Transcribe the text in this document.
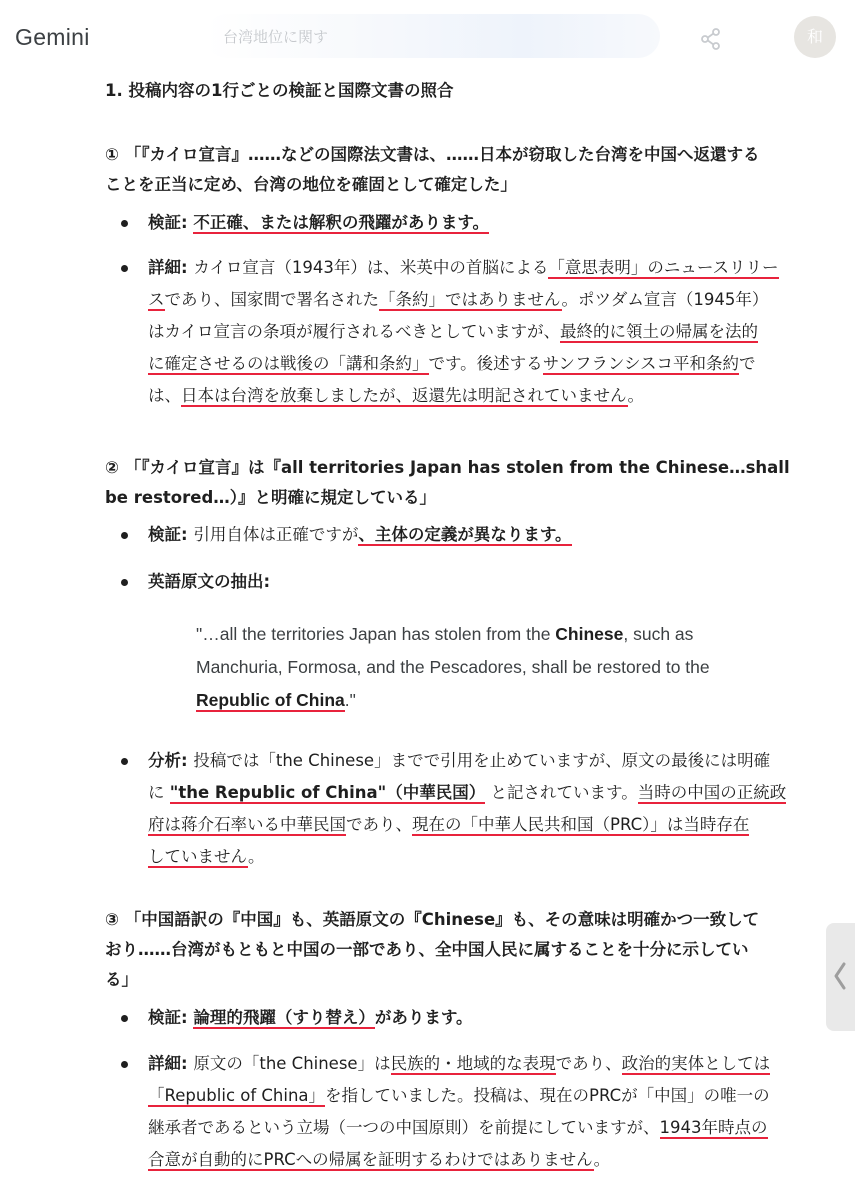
Gemini	台湾地位に関す	和
1. 投稿内容の1行ごとの検証と国際文書の照合
① 「『カイロ宣言』……などの国際法文書は、……日本が窃取した台湾を中国へ返還する
ことを正当に定め、台湾の地位を確固として確定した」
検証: 不正確、または解釈の飛躍があります。
詳細: カイロ宣言（1943年）は、米英中の首脳による「意思表明」のニュースリリー
スであり、国家間で署名された「条約」ではありません。ポツダム宣言（1945年）
はカイロ宣言の条項が履行されるべきとしていますが、最終的に領土の帰属を法的
に確定させるのは戦後の「講和条約」です。後述するサンフランシスコ平和条約で
は、日本は台湾を放棄しましたが、返還先は明記されていません。
② 「『カイロ宣言』は『all territories Japan has stolen from the Chinese…shall
be restored…）』と明確に規定している」
検証: 引用自体は正確ですが、主体の定義が異なります。
英語原文の抽出:
"…all the territories Japan has stolen from the Chinese, such as
Manchuria, Formosa, and the Pescadores, shall be restored to the
Republic of China."
分析: 投稿では「the Chinese」までで引用を止めていますが、原文の最後には明確
に "the Republic of China"（中華民国） と記されています。当時の中国の正統政
府は蒋介石率いる中華民国であり、現在の「中華人民共和国（PRC）」は当時存在
していません。
③ 「中国語訳の『中国』も、英語原文の『Chinese』も、その意味は明確かつ一致して
おり……台湾がもともと中国の一部であり、全中国人民に属することを十分に示してい
る」
検証: 論理的飛躍（すり替え）があります。
詳細: 原文の「the Chinese」は民族的・地域的な表現であり、政治的実体としては
「Republic of China」を指していました。投稿は、現在のPRCが「中国」の唯一の
継承者であるという立場（一つの中国原則）を前提にしていますが、1943年時点の
合意が自動的にPRCへの帰属を証明するわけではありません。
